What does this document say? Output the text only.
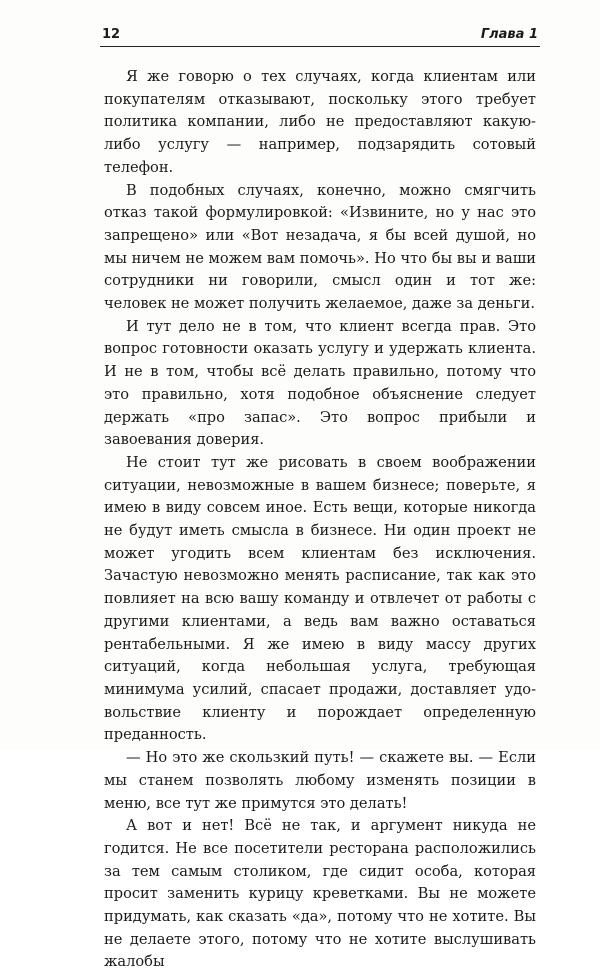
12	Глава 1

Я же говорю о тех случаях, когда клиентам или покупателям отказывают, поскольку этого требует политика компании, либо не предоставляют какую-либо услугу — например, подзарядить сотовый телефон.

В подобных случаях, конечно, можно смягчить отказ такой формулировкой: «Извините, но у нас это запрещено» или «Вот незадача, я бы всей душой, но мы ничем не можем вам помочь». Но что бы вы и ваши сотрудники ни говорили, смысл один и тот же: человек не может получить желаемое, даже за деньги.

И тут дело не в том, что клиент всегда прав. Это вопрос готовности оказать услугу и удержать клиента. И не в том, чтобы всё делать правильно, потому что это правильно, хотя подобное объяснение следует держать «про запас». Это вопрос прибыли и завоевания доверия.

Не стоит тут же рисовать в своем воображении ситуации, невозможные в вашем бизнесе; поверьте, я имею в виду совсем иное. Есть вещи, которые никогда не будут иметь смысла в бизнесе. Ни один проект не может угодить всем клиентам без исключения. Зачастую невозможно менять расписание, так как это повлияет на всю вашу команду и отвлечет от работы с другими клиентами, а ведь вам важно оставаться рентабельными. Я же имею в виду массу других ситуаций, когда небольшая услуга, требующая минимума усилий, спасает продажи, доставляет удовольствие клиенту и порождает определенную преданность.

— Но это же скользкий путь! — скажете вы. — Если мы станем позволять любому изменять позиции в меню, все тут же примутся это делать!

А вот и нет! Всё не так, и аргумент никуда не годится. Не все посетители ресторана расположились за тем самым столиком, где сидит особа, которая просит заменить курицу креветками. Вы не можете придумать, как сказать «да», потому что не хотите. Вы не делаете этого, потому что не хотите выслушивать жалобы
